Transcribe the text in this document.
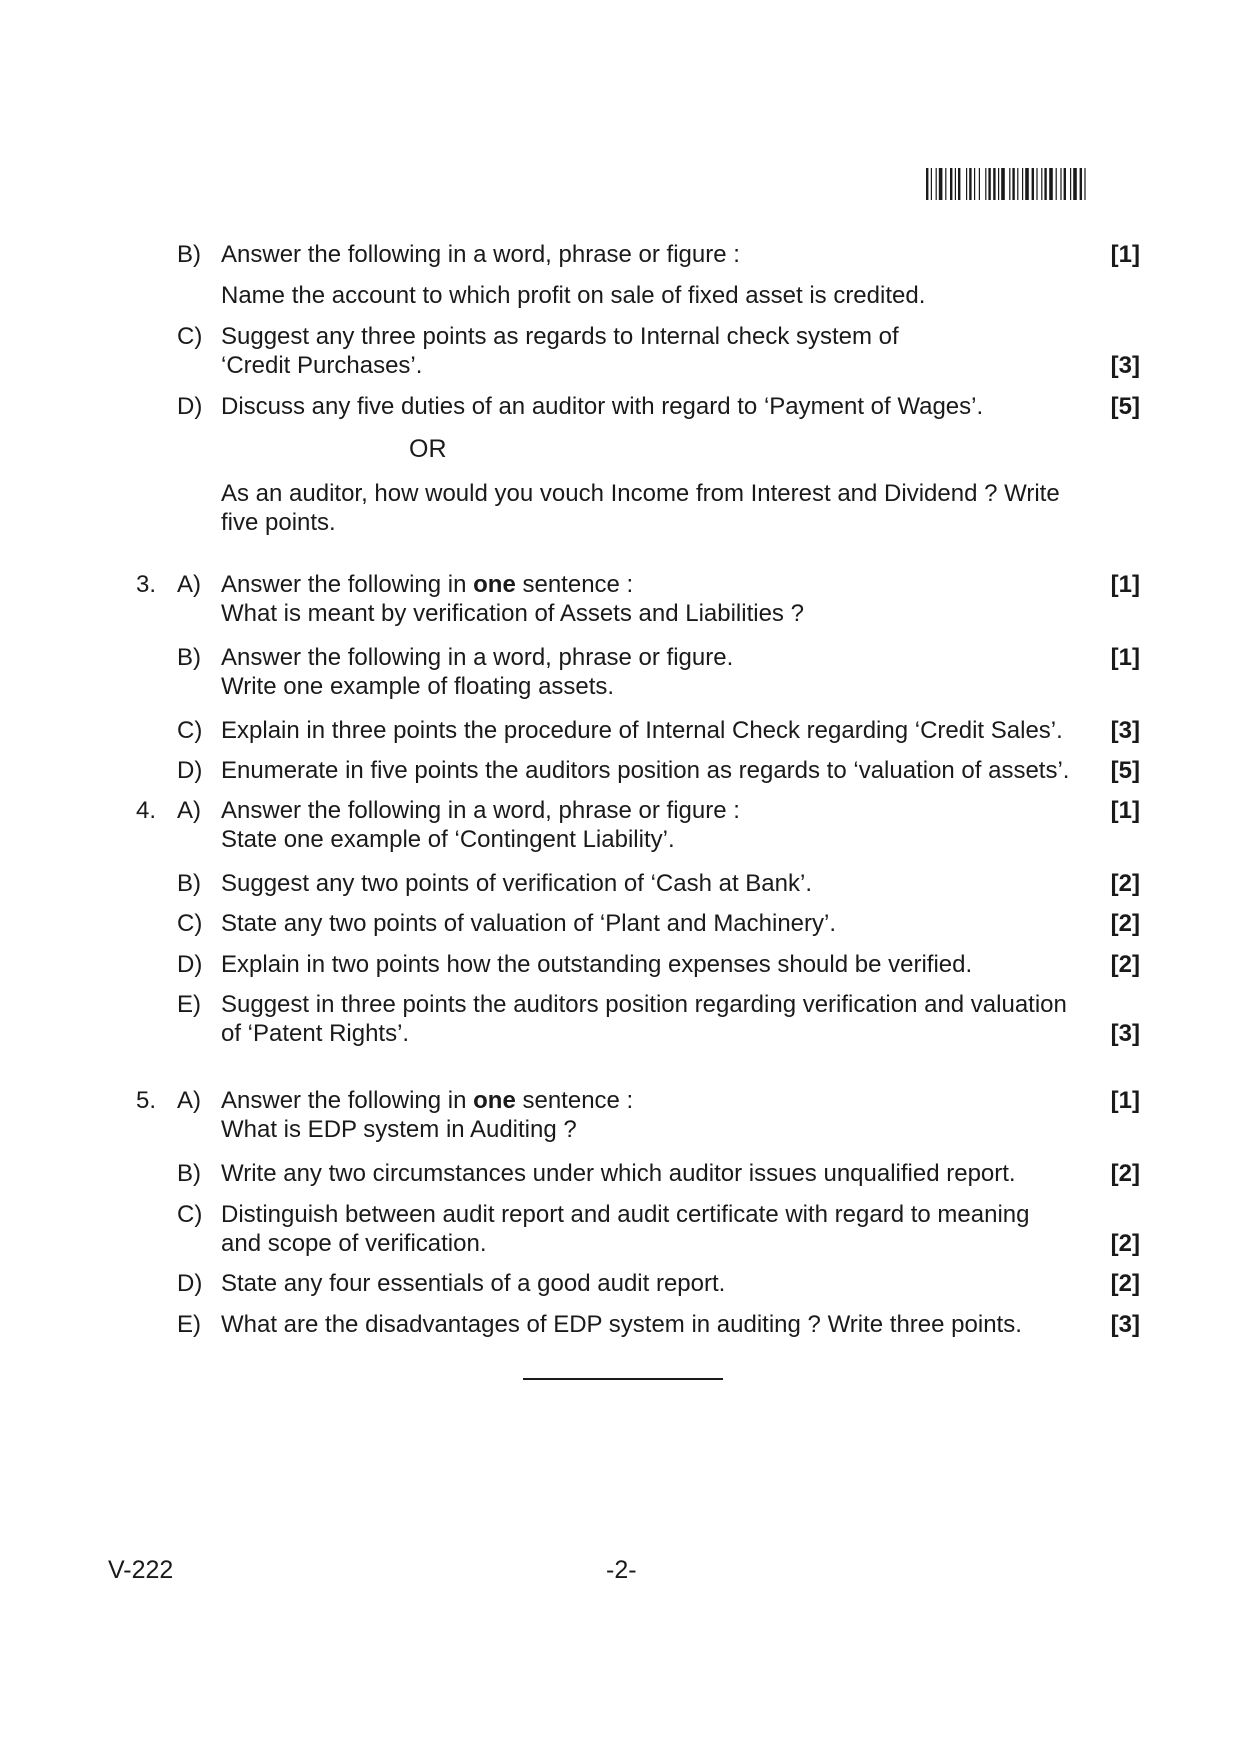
B) Answer the following in a word, phrase or figure :
Name the account to which profit on sale of fixed asset is credited.
[1]
C) Suggest any three points as regards to Internal check system of
‘Credit Purchases’.	[3]
D) Discuss any five duties of an auditor with regard to ‘Payment of Wages’.	[5]
OR
As an auditor, how would you vouch Income from Interest and Dividend ? Write
five points.
3. A) Answer the following in one sentence :
What is meant by verification of Assets and Liabilities ?
[1]
B) Answer the following in a word, phrase or figure.
Write one example of floating assets.
[1]
C) Explain in three points the procedure of Internal Check regarding ‘Credit Sales’.	[3]
D) Enumerate in five points the auditors position as regards to ‘valuation of assets’.	[5]
4. A) Answer the following in a word, phrase or figure :
State one example of ‘Contingent Liability’.
[1]
B) Suggest any two points of verification of ‘Cash at Bank’.	[2]
C) State any two points of valuation of ‘Plant and Machinery’.	[2]
D) Explain in two points how the outstanding expenses should be verified.	[2]
E) Suggest in three points the auditors position regarding verification and valuation
of ‘Patent Rights’.	[3]
5. A) Answer the following in one sentence :
What is EDP system in Auditing ?
[1]
B) Write any two circumstances under which auditor issues unqualified report.	[2]
C) Distinguish between audit report and audit certificate with regard to meaning
and scope of verification.	[2]
D) State any four essentials of a good audit report.	[2]
E) What are the disadvantages of EDP system in auditing ? Write three points.	[3]
V-222	-2-
